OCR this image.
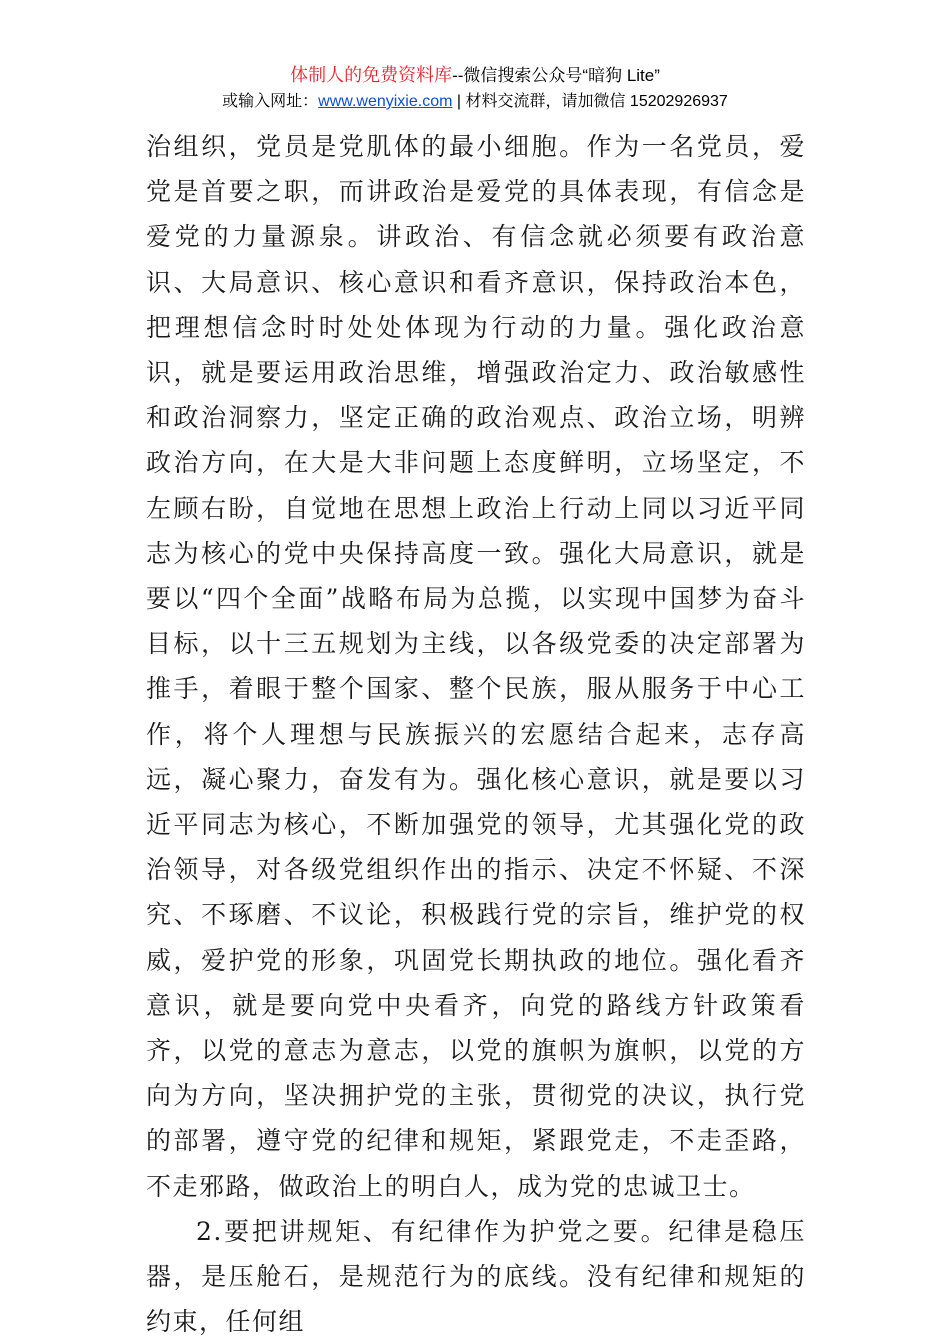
体制人的免费资料库--微信搜索公众号“暗狗 Lite”
或输入网址：www.wenyixie.com | 材料交流群，请加微信 15202926937

治组织，党员是党肌体的最小细胞。作为一名党员，爱党是首要之职，而讲政治是爱党的具体表现，有信念是爱党的力量源泉。讲政治、有信念就必须要有政治意识、大局意识、核心意识和看齐意识，保持政治本色，把理想信念时时处处体现为行动的力量。强化政治意识，就是要运用政治思维，增强政治定力、政治敏感性和政治洞察力，坚定正确的政治观点、政治立场，明辨政治方向，在大是大非问题上态度鲜明，立场坚定，不左顾右盼，自觉地在思想上政治上行动上同以习近平同志为核心的党中央保持高度一致。强化大局意识，就是要以“四个全面”战略布局为总揽，以实现中国梦为奋斗目标，以十三五规划为主线，以各级党委的决定部署为推手，着眼于整个国家、整个民族，服从服务于中心工作，将个人理想与民族振兴的宏愿结合起来，志存高远，凝心聚力，奋发有为。强化核心意识，就是要以习近平同志为核心，不断加强党的领导，尤其强化党的政治领导，对各级党组织作出的指示、决定不怀疑、不深究、不琢磨、不议论，积极践行党的宗旨，维护党的权威，爱护党的形象，巩固党长期执政的地位。强化看齐意识，就是要向党中央看齐，向党的路线方针政策看齐，以党的意志为意志，以党的旗帜为旗帜，以党的方向为方向，坚决拥护党的主张，贯彻党的决议，执行党的部署，遵守党的纪律和规矩，紧跟党走，不走歪路，不走邪路，做政治上的明白人，成为党的忠诚卫士。

2.要把讲规矩、有纪律作为护党之要。纪律是稳压器，是压舱石，是规范行为的底线。没有纪律和规矩的约束，任何组
